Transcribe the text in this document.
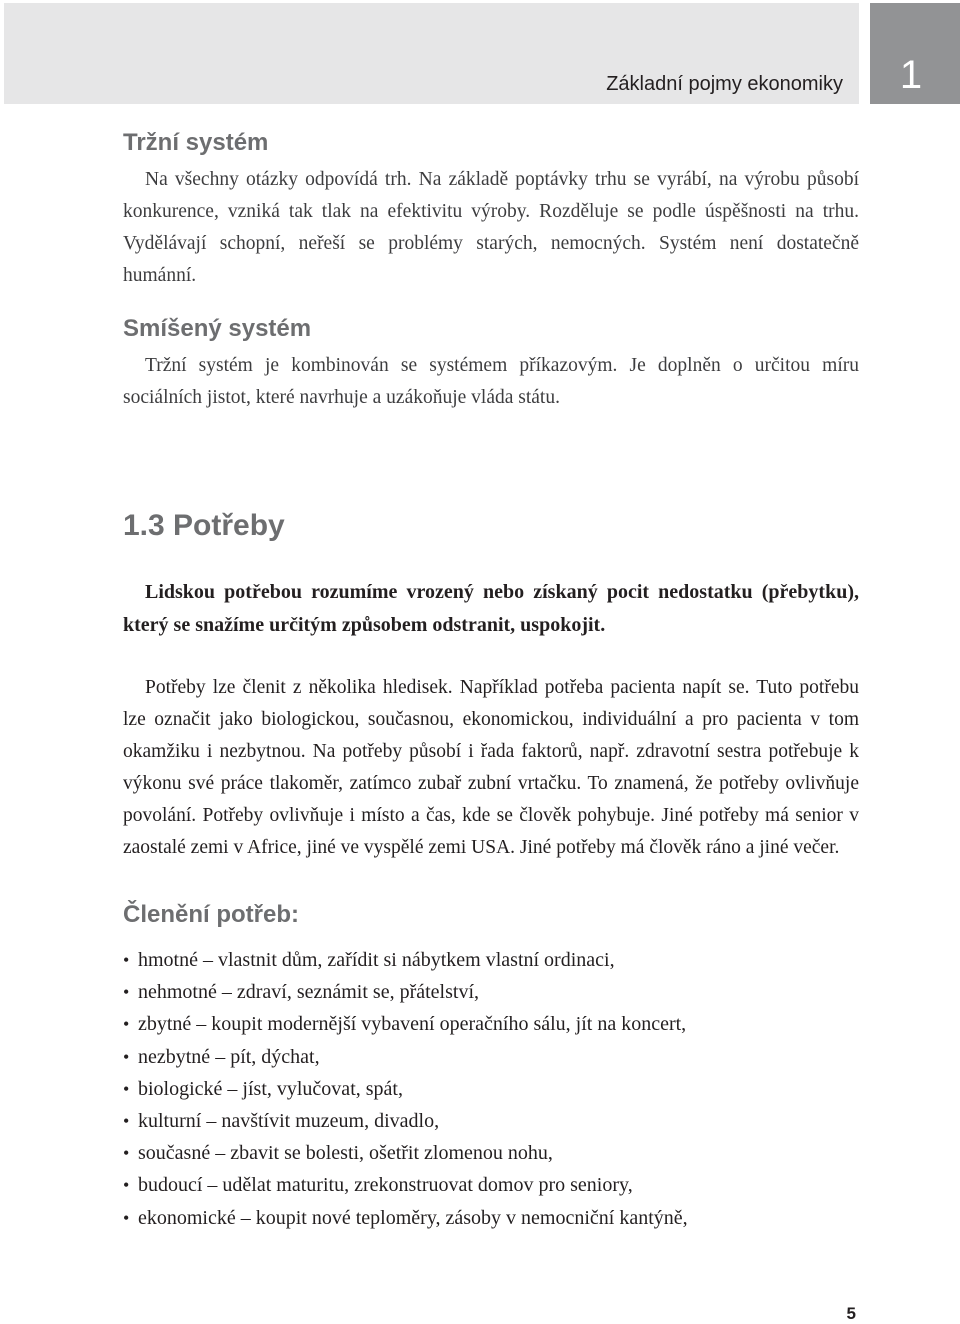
Základní pojmy ekonomiky	1
Tržní systém

Na všechny otázky odpovídá trh. Na základě poptávky trhu se vyrábí, na výrobu působí konkurence, vzniká tak tlak na efektivitu výroby. Rozděluje se podle úspěšnosti na trhu. Vydělávají schopní, neřeší se problémy starých, nemocných. Systém není dostatečně humánní.

Smíšený systém

Tržní systém je kombinován se systémem příkazovým. Je doplněn o určitou míru sociálních jistot, které navrhuje a uzákoňuje vláda státu.

1.3 Potřeby

Lidskou potřebou rozumíme vrozený nebo získaný pocit nedostatku (přebytku), který se snažíme určitým způsobem odstranit, uspokojit.

Potřeby lze členit z několika hledisek. Například potřeba pacienta napít se. Tuto potřebu lze označit jako biologickou, současnou, ekonomickou, individuální a pro pacienta v tom okamžiku i nezbytnou. Na potřeby působí i řada faktorů, např. zdravotní sestra potřebuje k výkonu své práce tlakoměr, zatímco zubař zubní vrtačku. To znamená, že potřeby ovlivňuje povolání. Potřeby ovlivňuje i místo a čas, kde se člověk pohybuje. Jiné potřeby má senior v zaostalé zemi v Africe, jiné ve vyspělé zemi USA. Jiné potřeby má člověk ráno a jiné večer.

Členění potřeb:
• hmotné – vlastnit dům, zařídit si nábytkem vlastní ordinaci,
• nehmotné – zdraví, seznámit se, přátelství,
• zbytné – koupit modernější vybavení operačního sálu, jít na koncert,
• nezbytné – pít, dýchat,
• biologické – jíst, vylučovat, spát,
• kulturní – navštívit muzeum, divadlo,
• současné – zbavit se bolesti, ošetřit zlomenou nohu,
• budoucí – udělat maturitu, zrekonstruovat domov pro seniory,
• ekonomické – koupit nové teploměry, zásoby v nemocniční kantýně,
5
